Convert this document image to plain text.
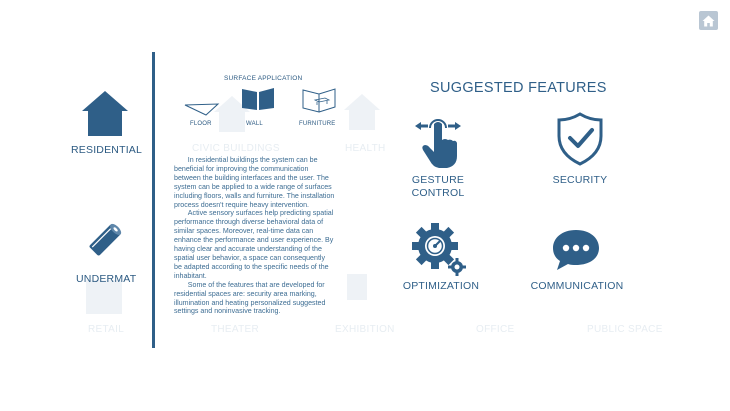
CIVIC BUILDINGS	HEALTH
RETAIL	THEATER	EXHIBITION	OFFICE	PUBLIC SPACE
RESIDENTIAL
UNDERMAT
SURFACE APPLICATION
FLOOR	WALL	FURNITURE
In residential buildings the system can be
beneficial for improving the communication
between the building interfaces and the user. The
system can be applied to a wide range of surfaces
including floors, walls and furniture. The installation
process doesn't require heavy intervention.
Active sensory surfaces help predicting spatial
performance through diverse behavioral data of
similar spaces. Moreover, real-time data can
enhance the performance and user experience. By
having clear and accurate understanding of the
spatial user behavior, a space can consequently
be adapted according to the specific needs of the
inhabitant.
Some of the features that are developed for
residential spaces are: security area marking,
illumination and heating personalized suggested
settings and noninvasive tracking.
SUGGESTED FEATURES
GESTURE
CONTROL
SECURITY
OPTIMIZATION	COMMUNICATION
